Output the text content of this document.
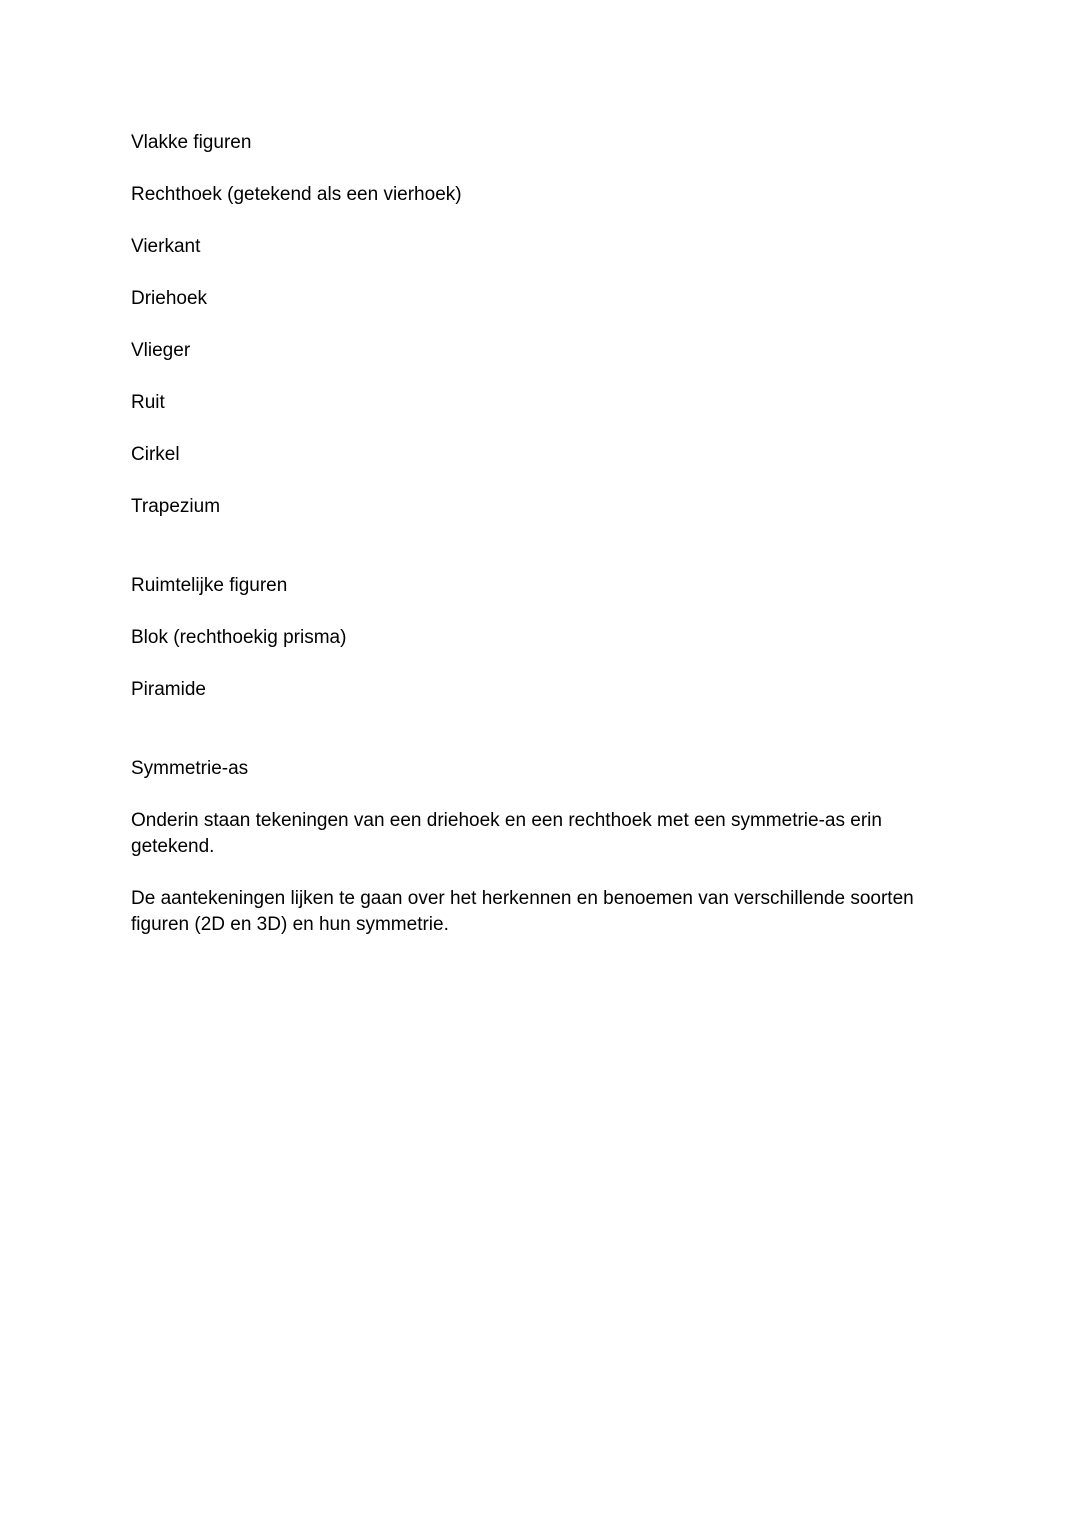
Vlakke figuren

Rechthoek (getekend als een vierhoek)

Vierkant

Driehoek

Vlieger

Ruit

Cirkel

Trapezium

Ruimtelijke figuren

Blok (rechthoekig prisma)

Piramide

Symmetrie-as

Onderin staan tekeningen van een driehoek en een rechthoek met een symmetrie-as erin getekend.

De aantekeningen lijken te gaan over het herkennen en benoemen van verschillende soorten figuren (2D en 3D) en hun symmetrie.
